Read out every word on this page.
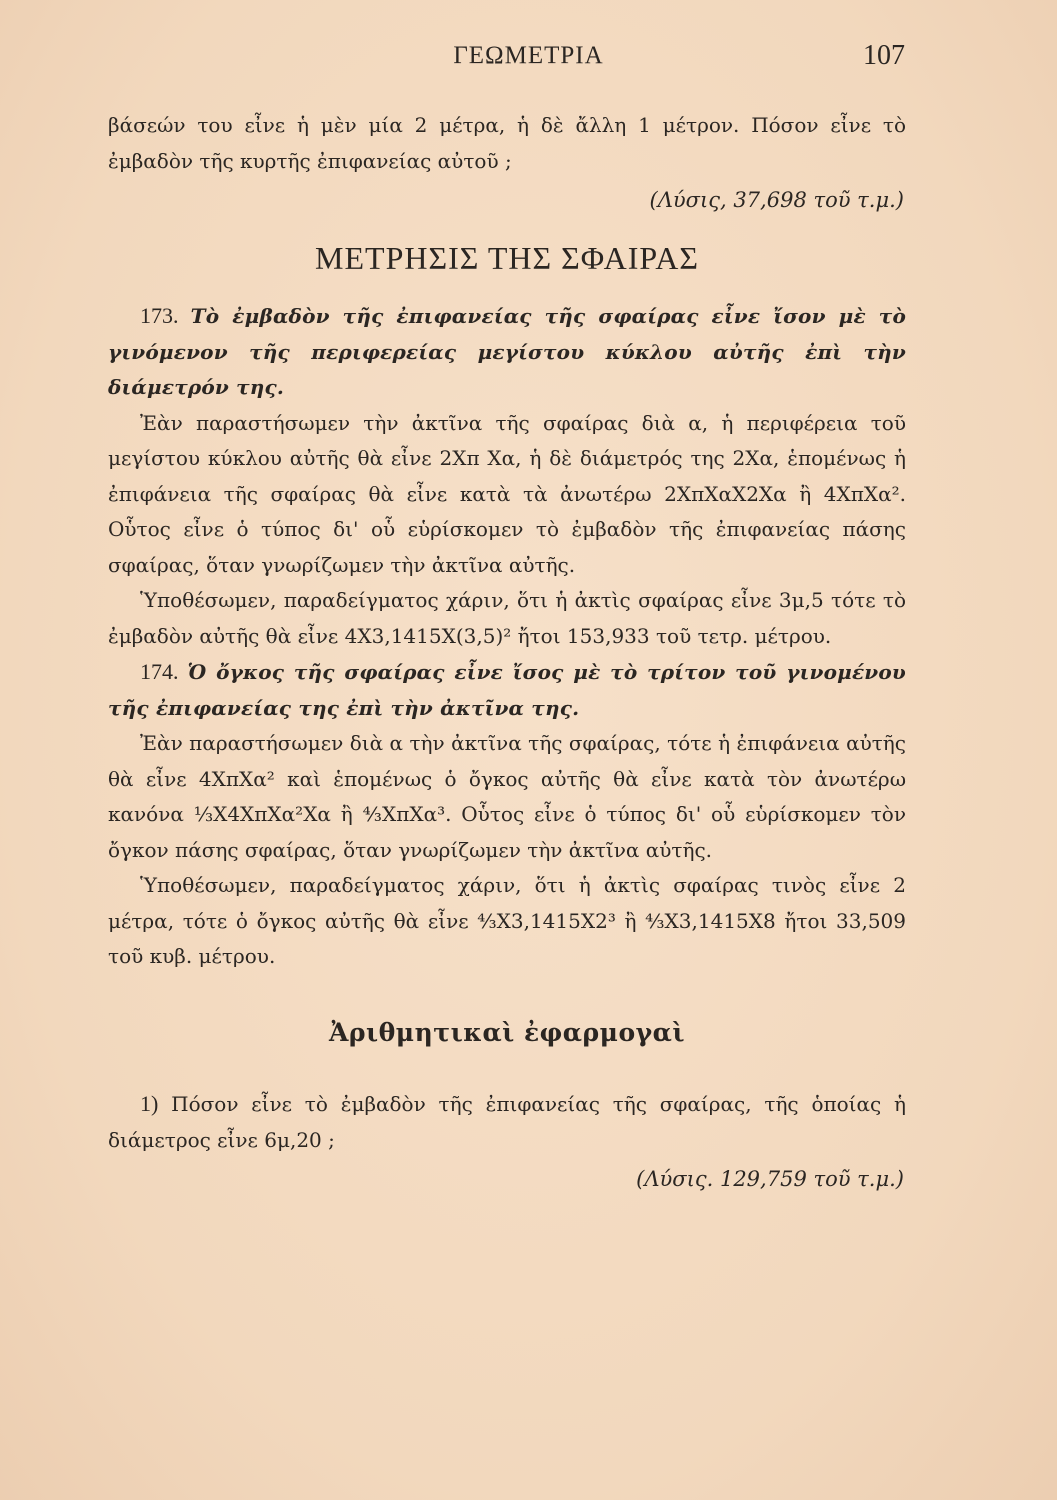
ΓΕΩΜΕΤΡΙΑ	107

βάσεών του εἶνε ἡ μὲν μία 2 μέτρα, ἡ δὲ ἄλλη 1 μέτρον. Πόσον εἶνε τὸ ἐμβαδὸν τῆς κυρτῆς ἐπιφανείας αὐτοῦ ;

(Λύσις, 37,698 τοῦ τ.μ.)

ΜΕΤΡΗΣΙΣ ΤΗΣ ΣΦΑΙΡΑΣ

173. Τὸ ἐμβαδὸν τῆς ἐπιφανείας τῆς σφαίρας εἶνε ἴσον μὲ τὸ γινόμενον τῆς περιφερείας μεγίστου κύκλου αὐτῆς ἐπὶ τὴν διάμετρόν της.

Ἐὰν παραστήσωμεν τὴν ἀκτῖνα τῆς σφαίρας διὰ α, ἡ περιφέρεια τοῦ μεγίστου κύκλου αὐτῆς θὰ εἶνε 2Χπ Χα, ἡ δὲ διάμετρός της 2Χα, ἑπομένως ἡ ἐπιφάνεια τῆς σφαίρας θὰ εἶνε κατὰ τὰ ἀνωτέρω 2ΧπΧαΧ2Χα ἢ 4ΧπΧα². Οὗτος εἶνε ὁ τύπος δι' οὗ εὑρίσκομεν τὸ ἐμβαδὸν τῆς ἐπιφανείας πάσης σφαίρας, ὅταν γνωρίζωμεν τὴν ἀκτῖνα αὐτῆς.

Ὑποθέσωμεν, παραδείγματος χάριν, ὅτι ἡ ἀκτὶς σφαίρας εἶνε 3μ,5 τότε τὸ ἐμβαδὸν αὐτῆς θὰ εἶνε 4Χ3,1415Χ(3,5)² ἤτοι 153,933 τοῦ τετρ. μέτρου.

174. Ὁ ὄγκος τῆς σφαίρας εἶνε ἴσος μὲ τὸ τρίτον τοῦ γινομένου τῆς ἐπιφανείας της ἐπὶ τὴν ἀκτῖνα της.

Ἐὰν παραστήσωμεν διὰ α τὴν ἀκτῖνα τῆς σφαίρας, τότε ἡ ἐπιφάνεια αὐτῆς θὰ εἶνε 4ΧπΧα² καὶ ἑπομένως ὁ ὄγκος αὐτῆς θὰ εἶνε κατὰ τὸν ἀνωτέρω κανόνα ⅓Χ4ΧπΧα²Χα ἢ ⁴⁄₃ΧπΧα³. Οὗτος εἶνε ὁ τύπος δι' οὗ εὑρίσκομεν τὸν ὄγκον πάσης σφαίρας, ὅταν γνωρίζωμεν τὴν ἀκτῖνα αὐτῆς.

Ὑποθέσωμεν, παραδείγματος χάριν, ὅτι ἡ ἀκτὶς σφαίρας τινὸς εἶνε 2 μέτρα, τότε ὁ ὄγκος αὐτῆς θὰ εἶνε ⁴⁄₃Χ3,1415Χ2³ ἢ ⁴⁄₃Χ3,1415Χ8 ἤτοι 33,509 τοῦ κυβ. μέτρου.

Ἀριθμητικαὶ ἐφαρμογαὶ

1) Πόσον εἶνε τὸ ἐμβαδὸν τῆς ἐπιφανείας τῆς σφαίρας, τῆς ὁποίας ἡ διάμετρος εἶνε 6μ,20 ;

(Λύσις. 129,759 τοῦ τ.μ.)
